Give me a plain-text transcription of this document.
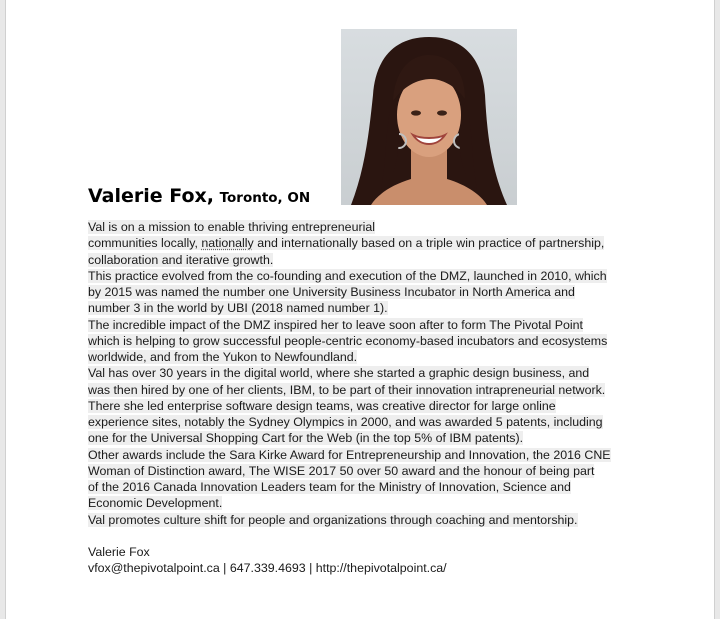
Valerie Fox, Toronto, ON
Val is on a mission to enable thriving entrepreneurial
communities locally, nationally and internationally based on a triple win practice of partnership,
collaboration and iterative growth.
This practice evolved from the co-founding and execution of the DMZ, launched in 2010, which
by 2015 was named the number one University Business Incubator in North America and
number 3 in the world by UBI (2018 named number 1).
The incredible impact of the DMZ inspired her to leave soon after to form The Pivotal Point
which is helping to grow successful people-centric economy-based incubators and ecosystems
worldwide, and from the Yukon to Newfoundland.
Val has over 30 years in the digital world, where she started a graphic design business, and
was then hired by one of her clients, IBM, to be part of their innovation intrapreneurial network.
There she led enterprise software design teams, was creative director for large online
experience sites, notably the Sydney Olympics in 2000, and was awarded 5 patents, including
one for the Universal Shopping Cart for the Web (in the top 5% of IBM patents).
Other awards include the Sara Kirke Award for Entrepreneurship and Innovation, the 2016 CNE
Woman of Distinction award, The WISE 2017 50 over 50 award and the honour of being part
of the 2016 Canada Innovation Leaders team for the Ministry of Innovation, Science and
Economic Development.
Val promotes culture shift for people and organizations through coaching and mentorship.
Valerie Fox
vfox@thepivotalpoint.ca | 647.339.4693 | http://thepivotalpoint.ca/
